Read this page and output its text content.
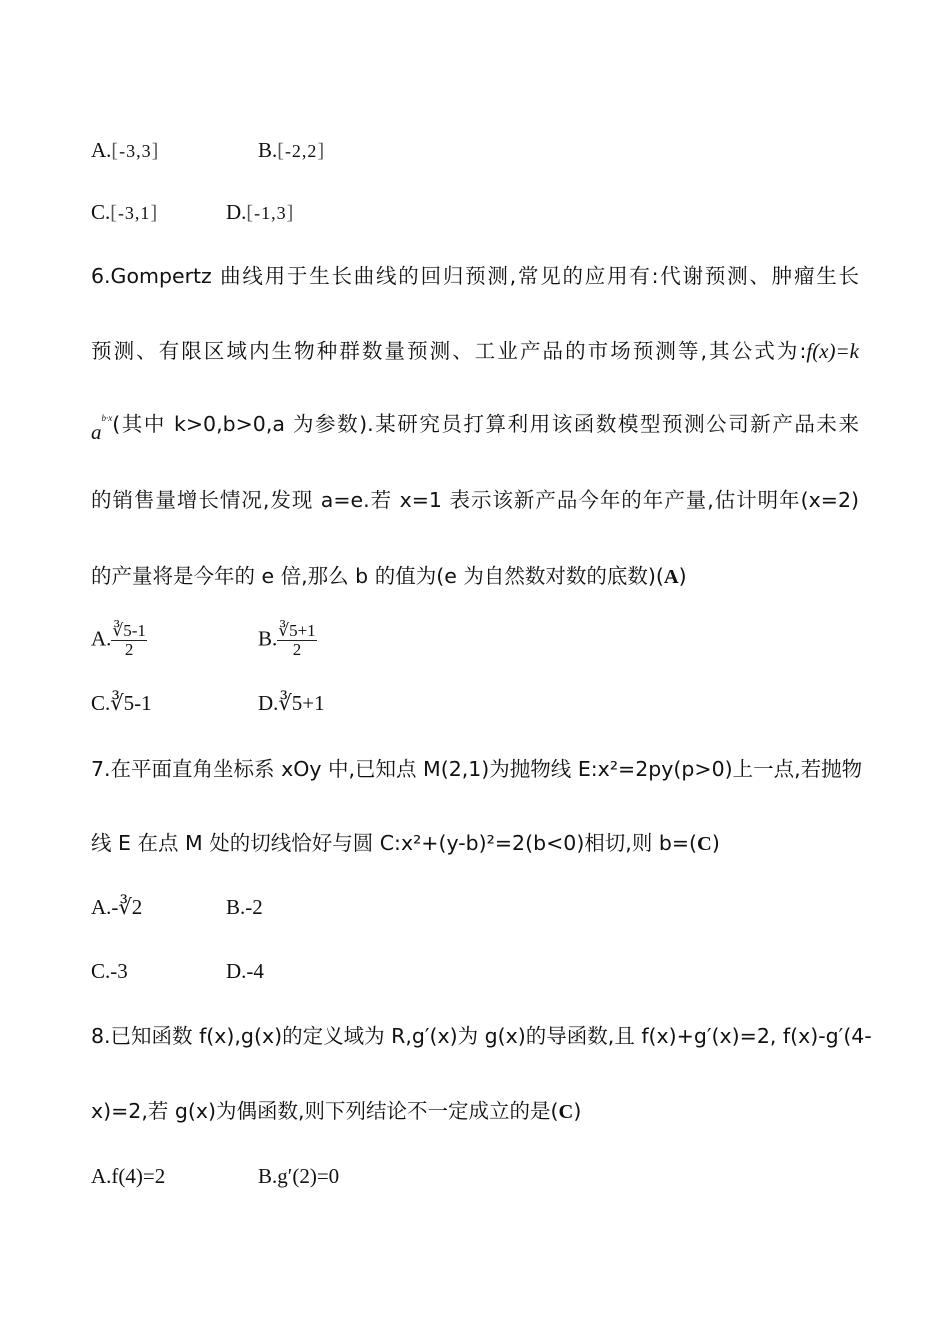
A.[-3,3]	B.[-2,2]
C.[-3,1]	D.[-1,3]
6.Gompertz 曲线用于生长曲线的回归预测,常见的应用有:代谢预测、肿瘤生长
预测、有限区域内生物种群数量预测、工业产品的市场预测等,其公式为:f(x)=k
$a^{b\cdot x}$(其中 k>0,b>0,a 为参数).某研究员打算利用该函数模型预测公司新产品未来
的销售量增长情况,发现 a=e.若 x=1 表示该新产品今年的年产量,估计明年(x=2)
的产量将是今年的 e 倍,那么 b 的值为(e 为自然数对数的底数)(A)
A. $\frac{∛5-1}{2}$	B. $\frac{∛5+1}{2}$
C.∛5-1	D.∛5+1
7.在平面直角坐标系 xOy 中,已知点 M(2,1)为抛物线 E:x²=2py(p>0)上一点,若抛物
线 E 在点 M 处的切线恰好与圆 C:x²+(y-b)²=2(b<0)相切,则 b=(C)
A.-∛2	B.-2
C.-3	D.-4
8.已知函数 f(x),g(x)的定义域为 R,g′(x)为 g(x)的导函数,且 f(x)+g′(x)=2, f(x)-g′(4-
x)=2,若 g(x)为偶函数,则下列结论不一定成立的是(C)
A.f(4)=2	B.g′(2)=0
